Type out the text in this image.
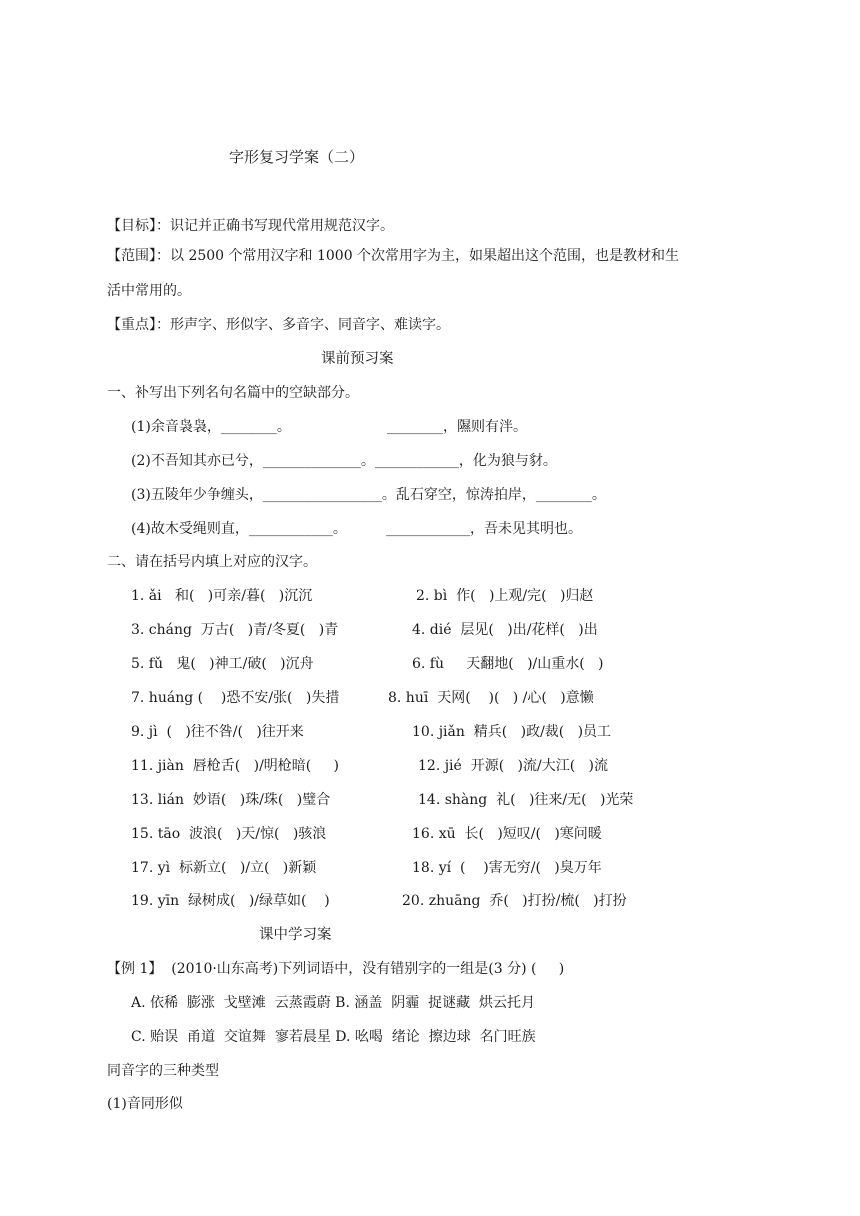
字形复习学案（二）
【目标】：识记并正确书写现代常用规范汉字。
【范围】：以 2500 个常用汉字和 1000 个次常用字为主，如果超出这个范围，也是教材和生
活中常用的。
【重点】：形声字、形似字、多音字、同音字、难读字。
课前预习案
一、补写出下列名句名篇中的空缺部分。
(1)余音袅袅，________。	________，隰则有泮。
(2)不吾知其亦已兮，______________。____________，化为狼与豺。
(3)五陵年少争缠头，_________________。乱石穿空，惊涛拍岸，________。
(4)故木受绳则直，____________。	____________，吾未见其明也。
二、请在括号内填上对应的汉字。
1. ǎi   和(   )可亲/暮(   )沉沉	2. bì  作(   )上观/完(   )归赵
3. cháng  万古(   )青/冬夏(   )青	4. dié  层见(   )出/花样(   )出
5. fǔ   鬼(   )神工/破(   )沉舟	6. fù     天翻地(   )/山重水(   )
7. huáng (    )恐不安/张(   )失措	8. huī  天网(    )(   ) /心(   )意懒
9. jì  (   )往不咎/(   )往开来	10. jiǎn  精兵(   )政/裁(   )员工
11. jiàn  唇枪舌(   )/明枪暗(     )	12. jié  开源(   )流/大江(   )流
13. lián  妙语(   )珠/珠(   )璧合	14. shàng  礼(   )往来/无(   )光荣
15. tāo  波浪(   )天/惊(   )骇浪	16. xū  长(   )短叹/(   )寒问暖
17. yì  标新立(   )/立(   )新颖	18. yí  (    )害无穷/(   )臭万年
19. yīn  绿树成(   )/绿草如(    )	20. zhuāng  乔(   )打扮/梳(   )打扮
课中学习案
【例 1】  (2010·山东高考)下列词语中，没有错别字的一组是(3 分) (     )
A. 依稀  膨涨  戈壁滩  云蒸霞蔚 B. 涵盖  阴霾  捉谜藏  烘云托月
C. 贻误  甬道  交谊舞  寥若晨星 D. 吆喝  绪论  擦边球  名门旺族
同音字的三种类型
(1)音同形似
